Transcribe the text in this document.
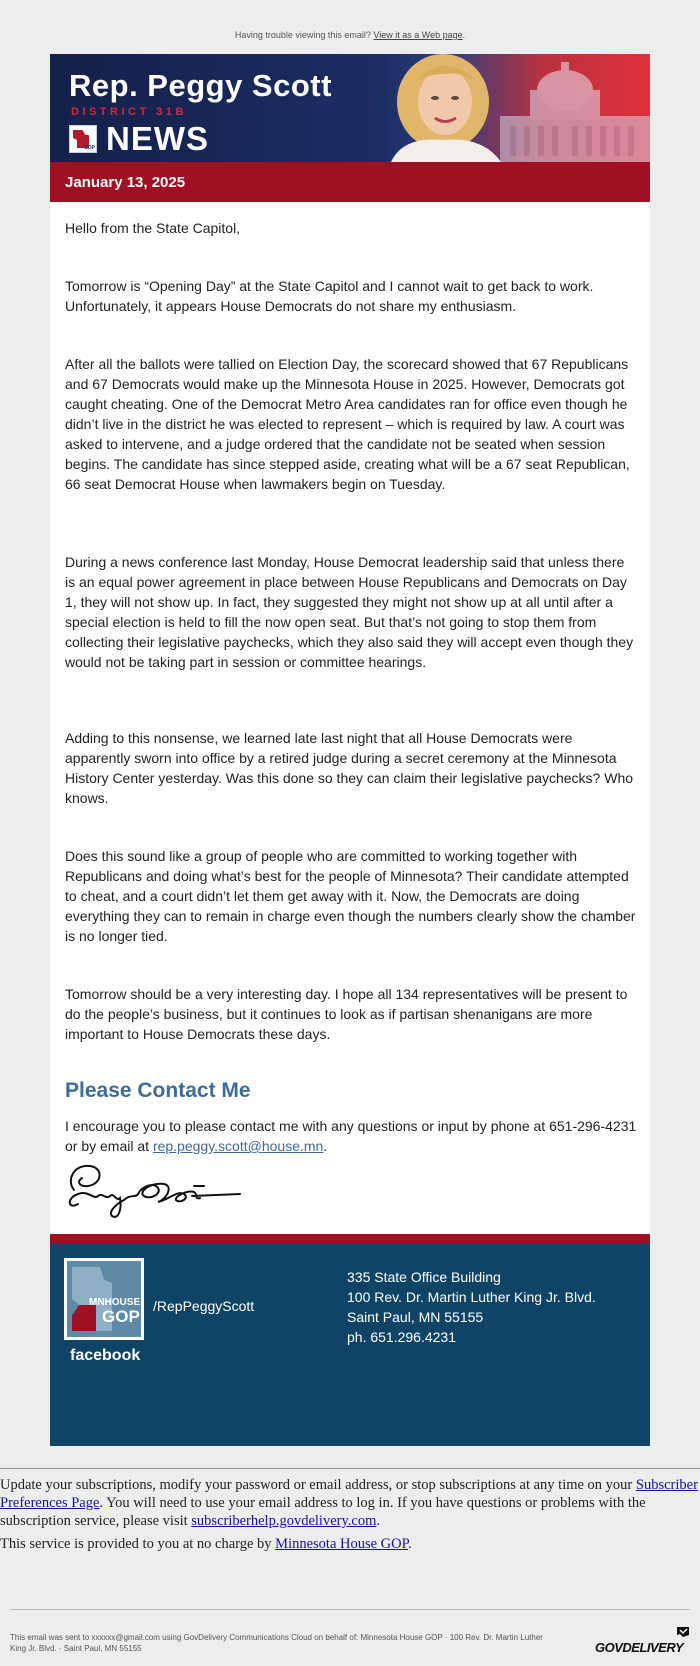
Having trouble viewing this email? View it as a Web page.
Rep. Peggy Scott
DISTRICT 31B
GOP NEWS
January 13, 2025

Hello from the State Capitol,

Tomorrow is “Opening Day” at the State Capitol and I cannot wait to get back to work. Unfortunately, it appears House Democrats do not share my enthusiasm.

After all the ballots were tallied on Election Day, the scorecard showed that 67 Republicans and 67 Democrats would make up the Minnesota House in 2025. However, Democrats got caught cheating. One of the Democrat Metro Area candidates ran for office even though he didn’t live in the district he was elected to represent – which is required by law. A court was asked to intervene, and a judge ordered that the candidate not be seated when session begins. The candidate has since stepped aside, creating what will be a 67 seat Republican, 66 seat Democrat House when lawmakers begin on Tuesday.

During a news conference last Monday, House Democrat leadership said that unless there is an equal power agreement in place between House Republicans and Democrats on Day 1, they will not show up. In fact, they suggested they might not show up at all until after a special election is held to fill the now open seat. But that’s not going to stop them from collecting their legislative paychecks, which they also said they will accept even though they would not be taking part in session or committee hearings.

Adding to this nonsense, we learned late last night that all House Democrats were apparently sworn into office by a retired judge during a secret ceremony at the Minnesota History Center yesterday. Was this done so they can claim their legislative paychecks? Who knows.

Does this sound like a group of people who are committed to working together with Republicans and doing what’s best for the people of Minnesota? Their candidate attempted to cheat, and a court didn’t let them get away with it. Now, the Democrats are doing everything they can to remain in charge even though the numbers clearly show the chamber is no longer tied.

Tomorrow should be a very interesting day. I hope all 134 representatives will be present to do the people’s business, but it continues to look as if partisan shenanigans are more important to House Democrats these days.

Please Contact Me

I encourage you to please contact me with any questions or input by phone at 651-296-4231 or by email at rep.peggy.scott@house.mn.

MNHOUSE
GOP
facebook
/RepPeggyScott
335 State Office Building
100 Rev. Dr. Martin Luther King Jr. Blvd.
Saint Paul, MN 55155
ph. 651.296.4231

Update your subscriptions, modify your password or email address, or stop subscriptions at any time on your Subscriber Preferences Page. You will need to use your email address to log in. If you have questions or problems with the subscription service, please visit subscriberhelp.govdelivery.com.

This service is provided to you at no charge by Minnesota House GOP.

This email was sent to xxxxxx@gmail.com using GovDelivery Communications Cloud on behalf of: Minnesota House GOP · 100 Rev. Dr. Martin Luther King Jr. Blvd. · Saint Paul, MN 55155	GOVDELIVERY
